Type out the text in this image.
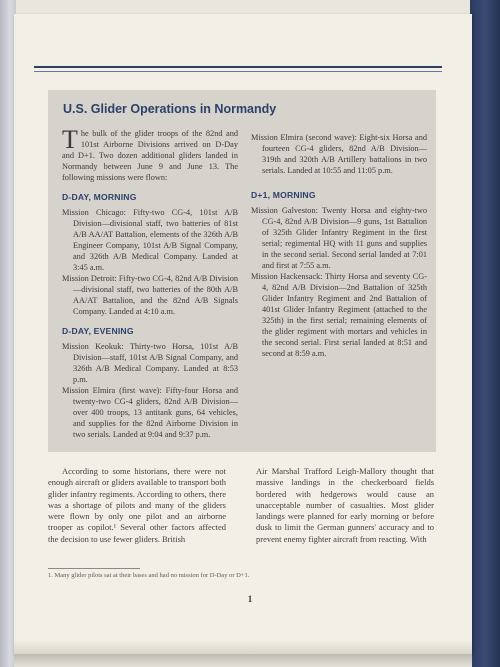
U.S. Glider Operations in Normandy

The bulk of the glider troops of the 82nd and 101st Airborne Divisions arrived on D-Day and D+1. Two dozen additional gliders landed in Normandy between June 9 and June 13. The following missions were flown:

D-DAY, MORNING

Mission Chicago: Fifty-two CG-4, 101st A/B Division—divisional staff, two batteries of 81st A/B AA/AT Battalion, elements of the 326th A/B Engineer Company, 101st A/B Signal Company, and 326th A/B Medical Company. Landed at 3:45 a.m.

Mission Detroit: Fifty-two CG-4, 82nd A/B Division—divisional staff, two batteries of the 80th A/B AA/AT Battalion, and the 82nd A/B Signals Company. Landed at 4:10 a.m.

D-DAY, EVENING

Mission Keokuk: Thirty-two Horsa, 101st A/B Division—staff, 101st A/B Signal Company, and 326th A/B Medical Company. Landed at 8:53 p.m.

Mission Elmira (first wave): Fifty-four Horsa and twenty-two CG-4 gliders, 82nd A/B Division—over 400 troops, 13 antitank guns, 64 vehicles, and supplies for the 82nd Airborne Division in two serials. Landed at 9:04 and 9:37 p.m.

Mission Elmira (second wave): Eight-six Horsa and fourteen CG-4 gliders, 82nd A/B Division—319th and 320th A/B Artillery battalions in two serials. Landed at 10:55 and 11:05 p.m.

D+1, MORNING

Mission Galveston: Twenty Horsa and eighty-two CG-4, 82nd A/B Division—9 guns, 1st Battalion of 325th Glider Infantry Regiment in the first serial; regimental HQ with 11 guns and supplies in the second serial. Second serial landed at 7:01 and first at 7:55 a.m.

Mission Hackensack: Thirty Horsa and seventy CG-4, 82nd A/B Division—2nd Battalion of 325th Glider Infantry Regiment and 2nd Battalion of 401st Glider Infantry Regiment (attached to the 325th) in the first serial; remaining elements of the glider regiment with mortars and vehicles in the second serial. First serial landed at 8:51 and second at 8:59 a.m.

According to some historians, there were not enough aircraft or gliders available to transport both glider infantry regiments. According to others, there was a shortage of pilots and many of the gliders were flown by only one pilot and an airborne trooper as copilot.¹ Several other factors affected the decision to use fewer gliders. British

Air Marshal Trafford Leigh-Mallory thought that massive landings in the checkerboard fields bordered with hedgerows would cause an unacceptable number of casualties. Most glider landings were planned for early morning or before dusk to limit the German gunners' accuracy and to prevent enemy fighter aircraft from reacting. With

1. Many glider pilots sat at their bases and had no mission for D-Day or D+1.
1
